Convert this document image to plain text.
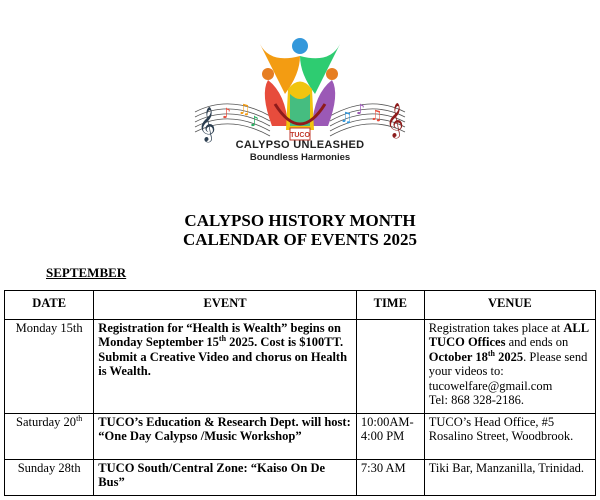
𝄞	𝄞
♪ ♫
♪	♫ ♪ ♫
TUCO
CALYPSO UNLEASHED
Boundless Harmonies
CALYPSO HISTORY MONTH
CALENDAR OF EVENTS 2025
SEPTEMBER
DATE	EVENT	TIME	VENUE
Monday 15th	Registration for “Health is Wealth” begins on Monday September 15th 2025. Cost is $100TT. Submit a Creative Video and chorus on Health is Wealth.		Registration takes place at ALL TUCO Offices and ends on October 18th 2025. Please send your videos to: tucowelfare@gmail.com
Tel: 868 328-2186.
Saturday 20th	TUCO’s Education & Research Dept. will host: “One Day Calypso /Music Workshop”	10:00AM-4:00 PM	TUCO’s Head Office, #5 Rosalino Street, Woodbrook.
Sunday 28th	TUCO South/Central Zone: “Kaiso On De Bus”	7:30 AM	Tiki Bar, Manzanilla, Trinidad.
